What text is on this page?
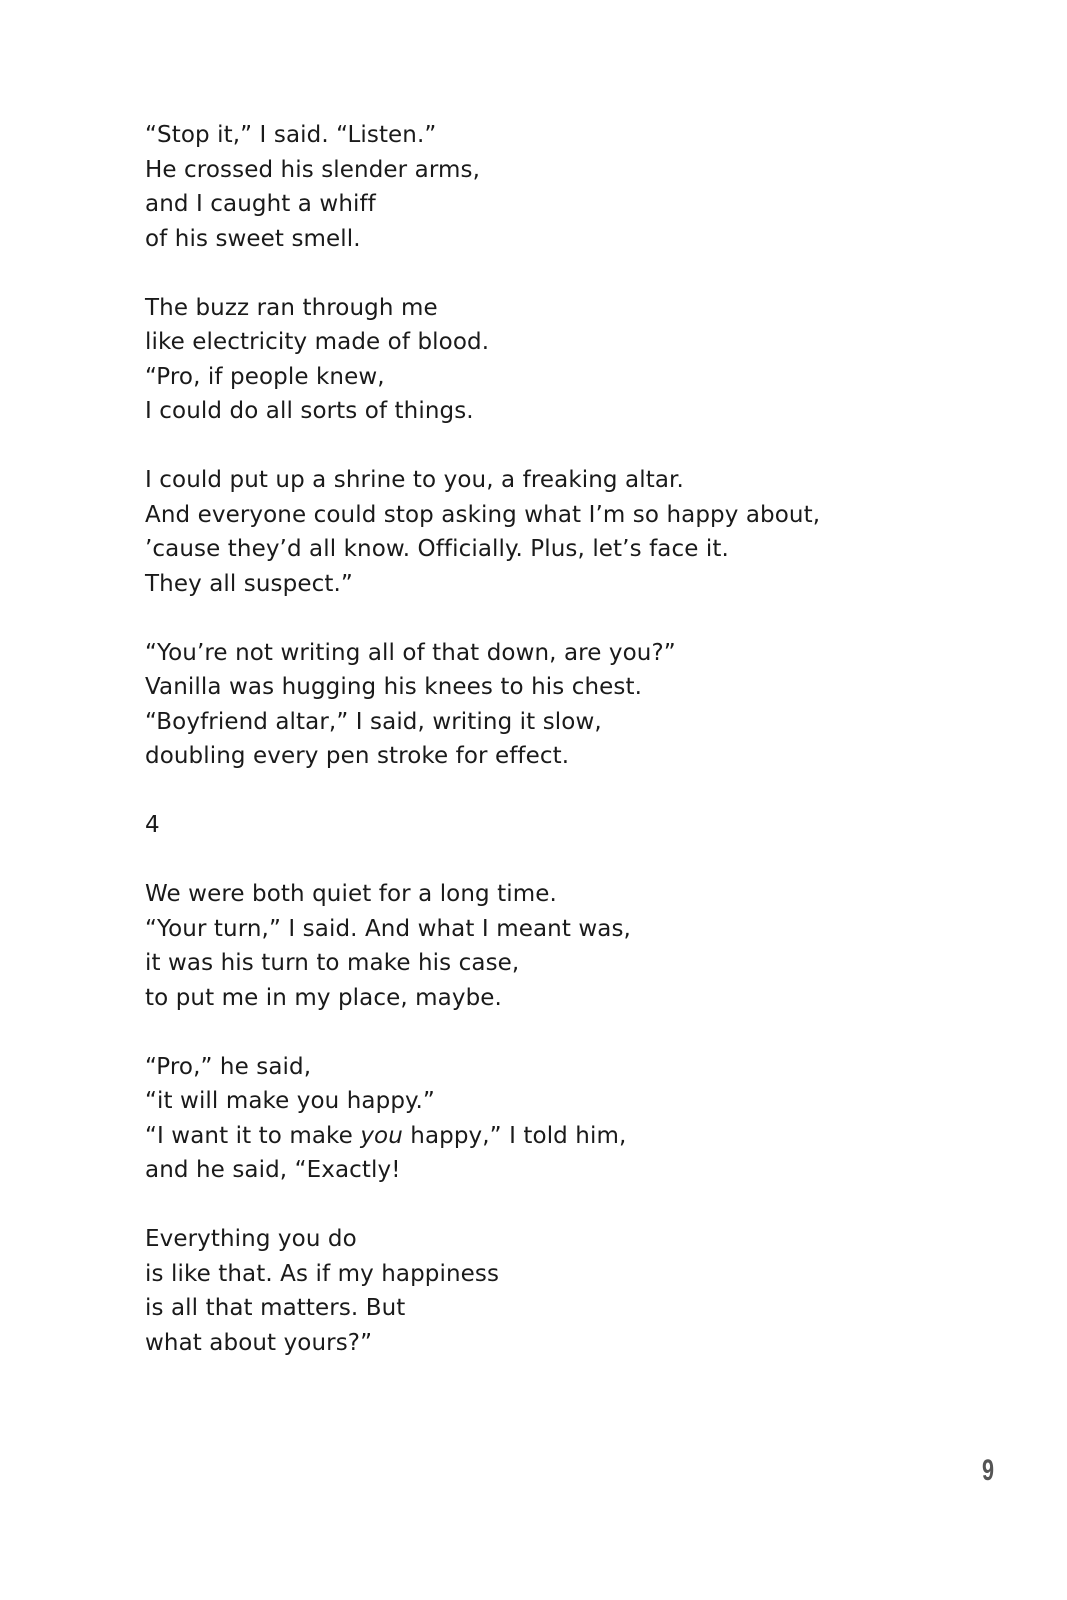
“Stop it,” I said. “Listen.”
He crossed his slender arms,
and I caught a whiff
of his sweet smell.
The buzz ran through me
like electricity made of blood.
“Pro, if people knew,
I could do all sorts of things.
I could put up a shrine to you, a freaking altar.
And everyone could stop asking what I’m so happy about,
’cause they’d all know. Officially. Plus, let’s face it.
They all suspect.”
“You’re not writing all of that down, are you?”
Vanilla was hugging his knees to his chest.
“Boyfriend altar,” I said, writing it slow,
doubling every pen stroke for effect.
4
We were both quiet for a long time.
“Your turn,” I said. And what I meant was,
it was his turn to make his case,
to put me in my place, maybe.
“Pro,” he said,
“it will make you happy.”
“I want it to make you happy,” I told him,
and he said, “Exactly!
Everything you do
is like that. As if my happiness
is all that matters. But
what about yours?”
9
